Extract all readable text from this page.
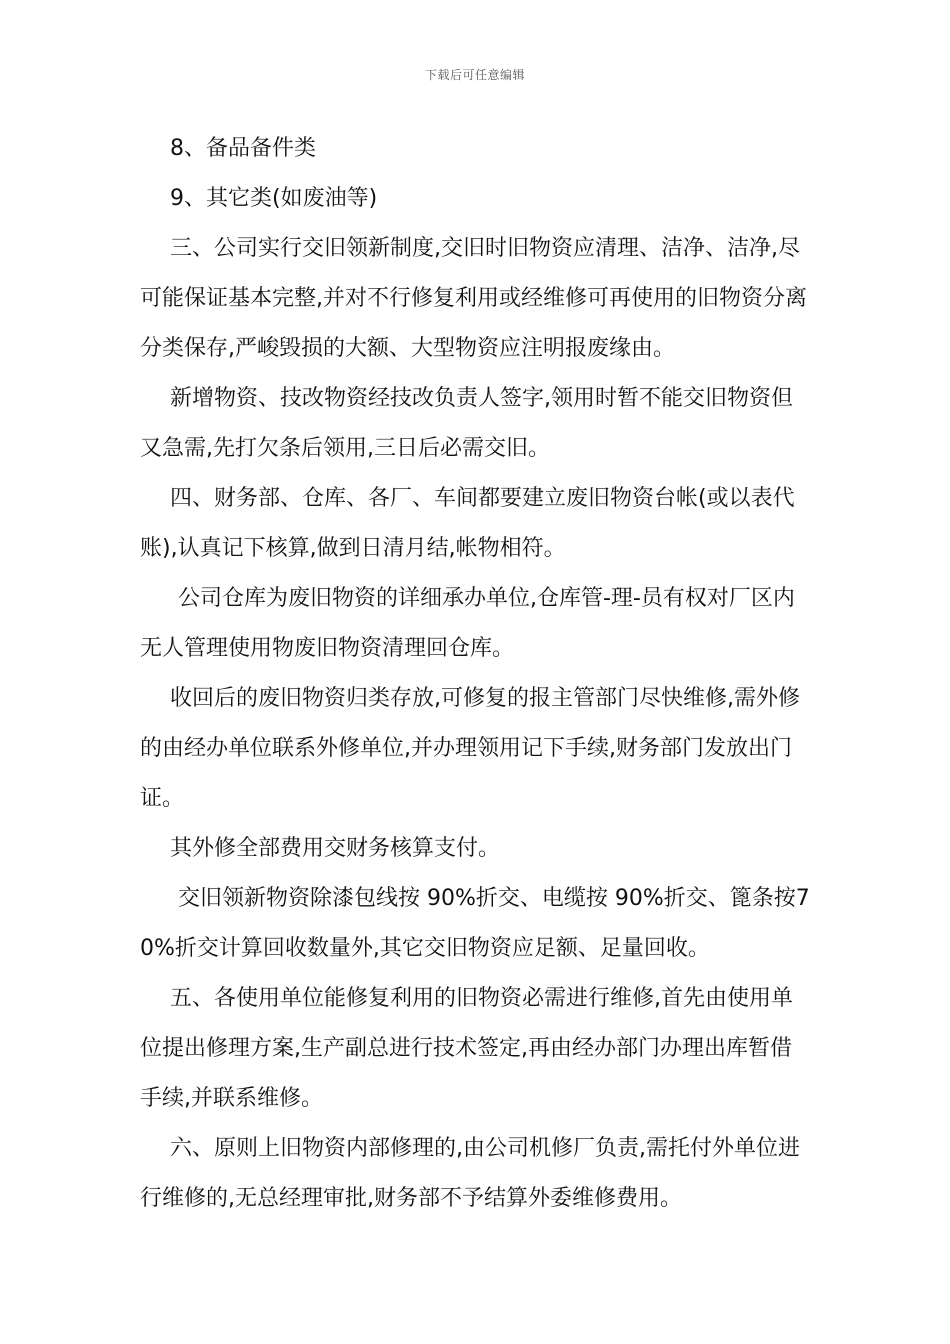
下载后可任意编辑

8、备品备件类

9、其它类(如废油等)

三、公司实行交旧领新制度,交旧时旧物资应清理、洁净、洁净,尽可能保证基本完整,并对不行修复利用或经维修可再使用的旧物资分离分类保存,严峻毁损的大额、大型物资应注明报废缘由。

新增物资、技改物资经技改负责人签字,领用时暂不能交旧物资但又急需,先打欠条后领用,三日后必需交旧。

四、财务部、仓库、各厂、车间都要建立废旧物资台帐(或以表代账),认真记下核算,做到日清月结,帐物相符。

公司仓库为废旧物资的详细承办单位,仓库管-理-员有权对厂区内无人管理使用物废旧物资清理回仓库。

收回后的废旧物资归类存放,可修复的报主管部门尽快维修,需外修的由经办单位联系外修单位,并办理领用记下手续,财务部门发放出门证。

其外修全部费用交财务核算支付。

交旧领新物资除漆包线按 90%折交、电缆按 90%折交、篦条按70%折交计算回收数量外,其它交旧物资应足额、足量回收。

五、各使用单位能修复利用的旧物资必需进行维修,首先由使用单位提出修理方案,生产副总进行技术签定,再由经办部门办理出库暂借手续,并联系维修。

六、原则上旧物资内部修理的,由公司机修厂负责,需托付外单位进行维修的,无总经理审批,财务部不予结算外委维修费用。
